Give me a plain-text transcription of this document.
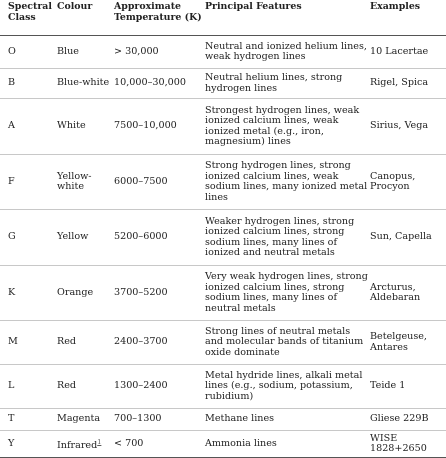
Spectral Class	Colour	Approximate Temperature (K)	Principal Features	Examples
O	Blue	> 30,000	Neutral and ionized helium lines, weak hydrogen lines	10 Lacertae
B	Blue-white	10,000–30,000	Neutral helium lines, strong hydrogen lines	Rigel, Spica
A	White	7500–10,000	Strongest hydrogen lines, weak ionized calcium lines, weak ionized metal (e.g., iron, magnesium) lines	Sirius, Vega
F	Yellow-white	6000–7500	Strong hydrogen lines, strong ionized calcium lines, weak sodium lines, many ionized metal lines	Canopus, Procyon
G	Yellow	5200–6000	Weaker hydrogen lines, strong ionized calcium lines, strong sodium lines, many lines of ionized and neutral metals	Sun, Capella
K	Orange	3700–5200	Very weak hydrogen lines, strong ionized calcium lines, strong sodium lines, many lines of neutral metals	Arcturus, Aldebaran
M	Red	2400–3700	Strong lines of neutral metals and molecular bands of titanium oxide dominate	Betelgeuse, Antares
L	Red	1300–2400	Metal hydride lines, alkali metal lines (e.g., sodium, potassium, rubidium)	Teide 1
T	Magenta	700–1300	Methane lines	Gliese 229B
Y	Infrared$^1$	< 700	Ammonia lines	WISE 1828+2650
